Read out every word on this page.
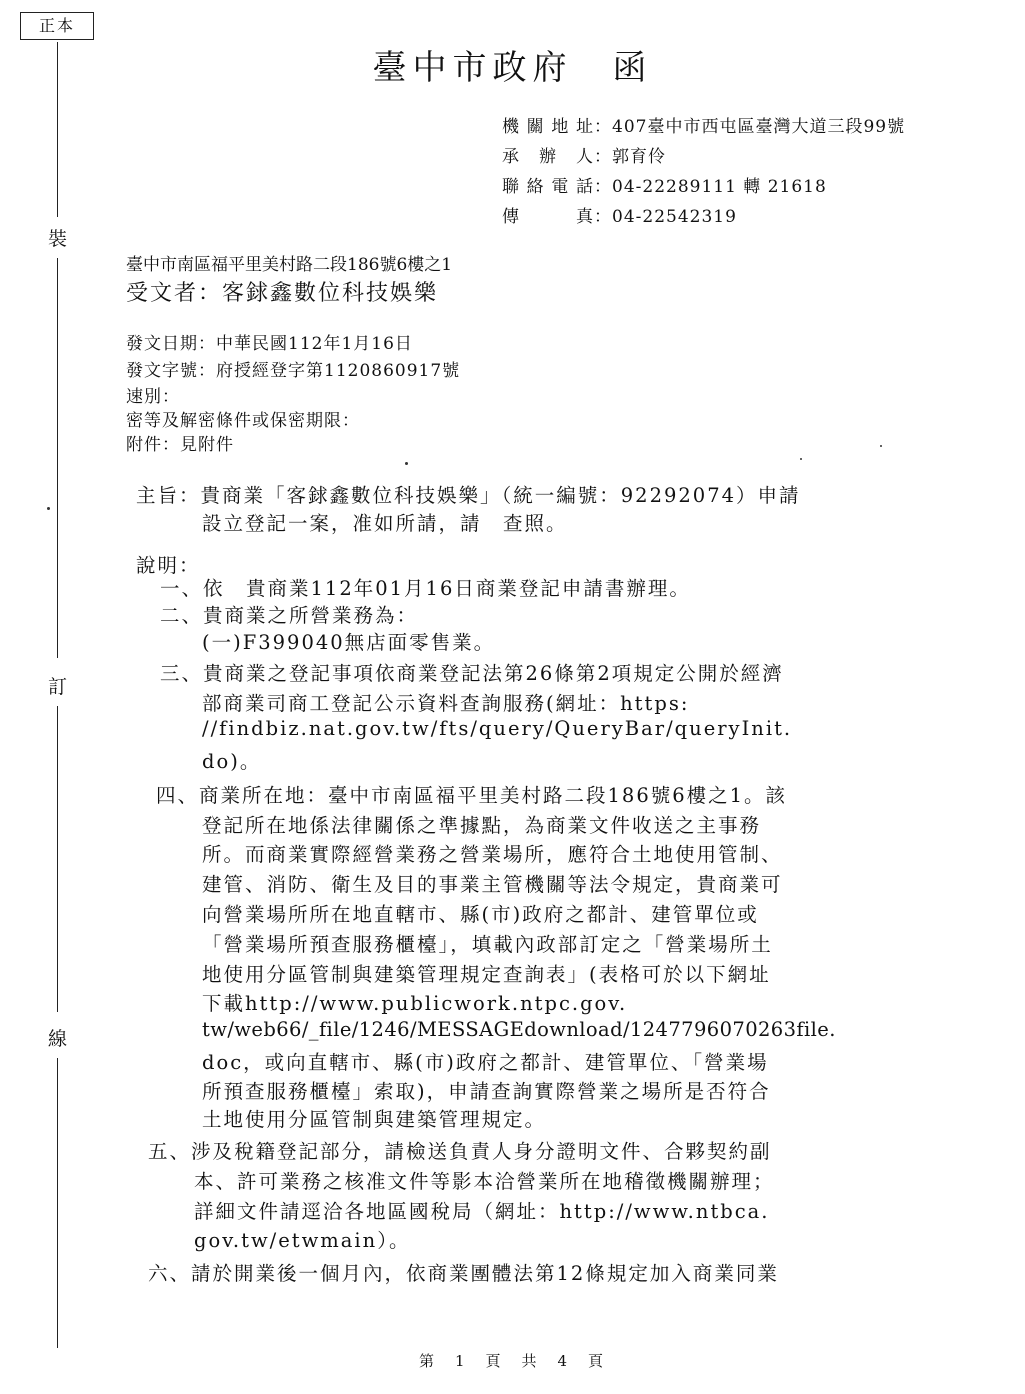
正本
裝
訂
線
臺中市政府　函
機關地址：407臺中市西屯區臺灣大道三段99號
承 辦 人：郭育伶
聯絡電話：04-22289111 轉 21618
傳　　真：04-22542319
臺中市南區福平里美村路二段186號6樓之1
受文者：客銶鑫數位科技娛樂
發文日期：中華民國112年1月16日
發文字號：府授經登字第1120860917號
速別：
密等及解密條件或保密期限：
附件：見附件
主旨：貴商業「客銶鑫數位科技娛樂」（統一編號：92292074）申請
設立登記一案，准如所請，請　查照。
說明：
一、依　貴商業112年01月16日商業登記申請書辦理。
二、貴商業之所營業務為：
(一)F399040無店面零售業。
三、貴商業之登記事項依商業登記法第26條第2項規定公開於經濟
部商業司商工登記公示資料查詢服務(網址：https:
//findbiz.nat.gov.tw/fts/query/QueryBar/queryInit.
do)。
四、商業所在地：臺中市南區福平里美村路二段186號6樓之1。該
登記所在地係法律關係之準據點，為商業文件收送之主事務
所。而商業實際經營業務之營業場所，應符合土地使用管制、
建管、消防、衛生及目的事業主管機關等法令規定，貴商業可
向營業場所所在地直轄市、縣(市)政府之都計、建管單位或
「營業場所預查服務櫃檯」，填載內政部訂定之「營業場所土
地使用分區管制與建築管理規定查詢表」(表格可於以下網址
下載http://www.publicwork.ntpc.gov.
tw/web66/_file/1246/MESSAGEdownload/1247796070263file.
doc，或向直轄市、縣(市)政府之都計、建管單位、「營業場
所預查服務櫃檯」索取)，申請查詢實際營業之場所是否符合
土地使用分區管制與建築管理規定。
五、涉及稅籍登記部分，請檢送負責人身分證明文件、合夥契約副
本、許可業務之核准文件等影本洽營業所在地稽徵機關辦理；
詳細文件請逕洽各地區國稅局（網址：http://www.ntbca.
gov.tw/etwmain）。
六、請於開業後一個月內，依商業團體法第12條規定加入商業同業
第　1　頁　共　4　頁
